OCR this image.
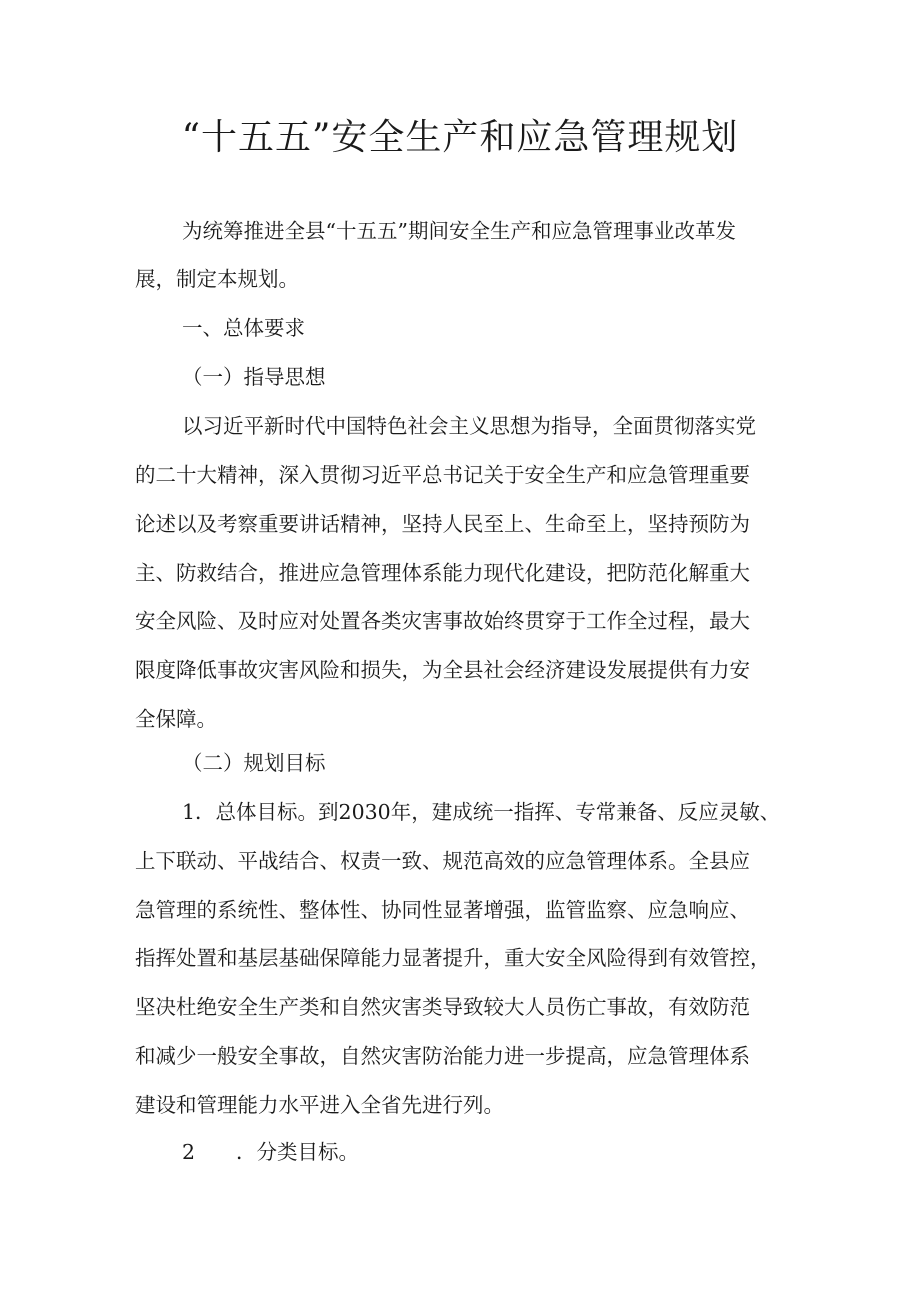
“十五五”安全生产和应急管理规划
为统筹推进全县“十五五”期间安全生产和应急管理事业改革发
展，制定本规划。
一、总体要求
（一）指导思想
以习近平新时代中国特色社会主义思想为指导，全面贯彻落实党
的二十大精神，深入贯彻习近平总书记关于安全生产和应急管理重要
论述以及考察重要讲话精神，坚持人民至上、生命至上，坚持预防为
主、防救结合，推进应急管理体系能力现代化建设，把防范化解重大
安全风险、及时应对处置各类灾害事故始终贯穿于工作全过程，最大
限度降低事故灾害风险和损失，为全县社会经济建设发展提供有力安
全保障。
（二）规划目标
1．总体目标。到2030年，建成统一指挥、专常兼备、反应灵敏、
上下联动、平战结合、权责一致、规范高效的应急管理体系。全县应
急管理的系统性、整体性、协同性显著增强，监管监察、应急响应、
指挥处置和基层基础保障能力显著提升，重大安全风险得到有效管控，
坚决杜绝安全生产类和自然灾害类导致较大人员伤亡事故，有效防范
和减少一般安全事故，自然灾害防治能力进一步提高，应急管理体系
建设和管理能力水平进入全省先进行列。
2　　．分类目标。
